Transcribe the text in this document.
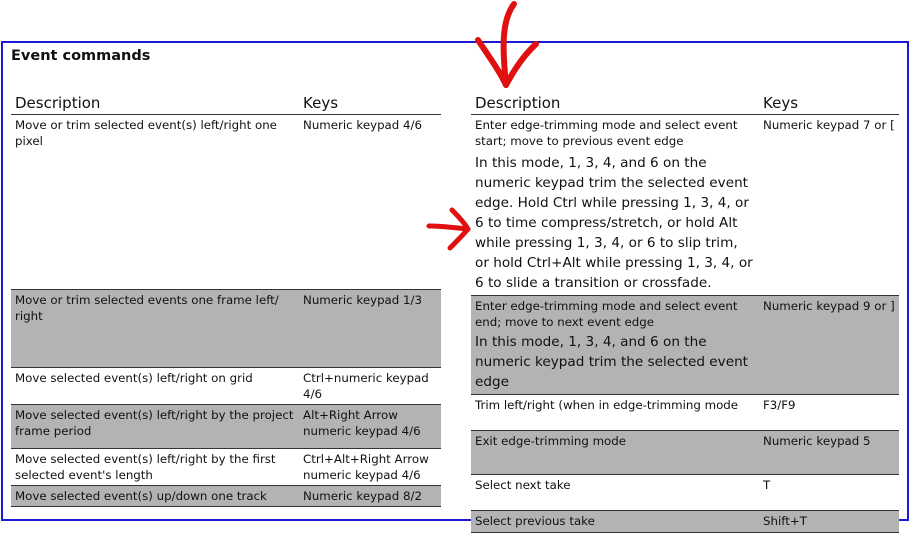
Event commands
Description	Keys
Move or trim selected event(s) left/right one pixel	Numeric keypad 4/6
Move or trim selected events one frame left/ right	Numeric keypad 1/3
Move selected event(s) left/right on grid	Ctrl+numeric keypad 4/6
Move selected event(s) left/right by the project frame period	Alt+Right Arrow numeric keypad 4/6
Move selected event(s) left/right by the first selected event's length	Ctrl+Alt+Right Arrow numeric keypad 4/6
Move selected event(s) up/down one track	Numeric keypad 8/2
Description	Keys

Enter edge-trimming mode and select event start; move to previous event edge
In this mode, 1, 3, 4, and 6 on the numeric keypad trim the selected event edge. Hold Ctrl while pressing 1, 3, 4, or 6 to time compress/stretch, or hold Alt while pressing 1, 3, 4, or 6 to slip trim, or hold Ctrl+Alt while pressing 1, 3, 4, or 6 to slide a transition or crossfade.	Numeric keypad 7 or [

Enter edge-trimming mode and select event end; move to next event edge
In this mode, 1, 3, 4, and 6 on the numeric keypad trim the selected event edge	Numeric keypad 9 or ]
Trim left/right (when in edge-trimming mode	F3/F9
Exit edge-trimming mode	Numeric keypad 5
Select next take	T
Select previous take	Shift+T
